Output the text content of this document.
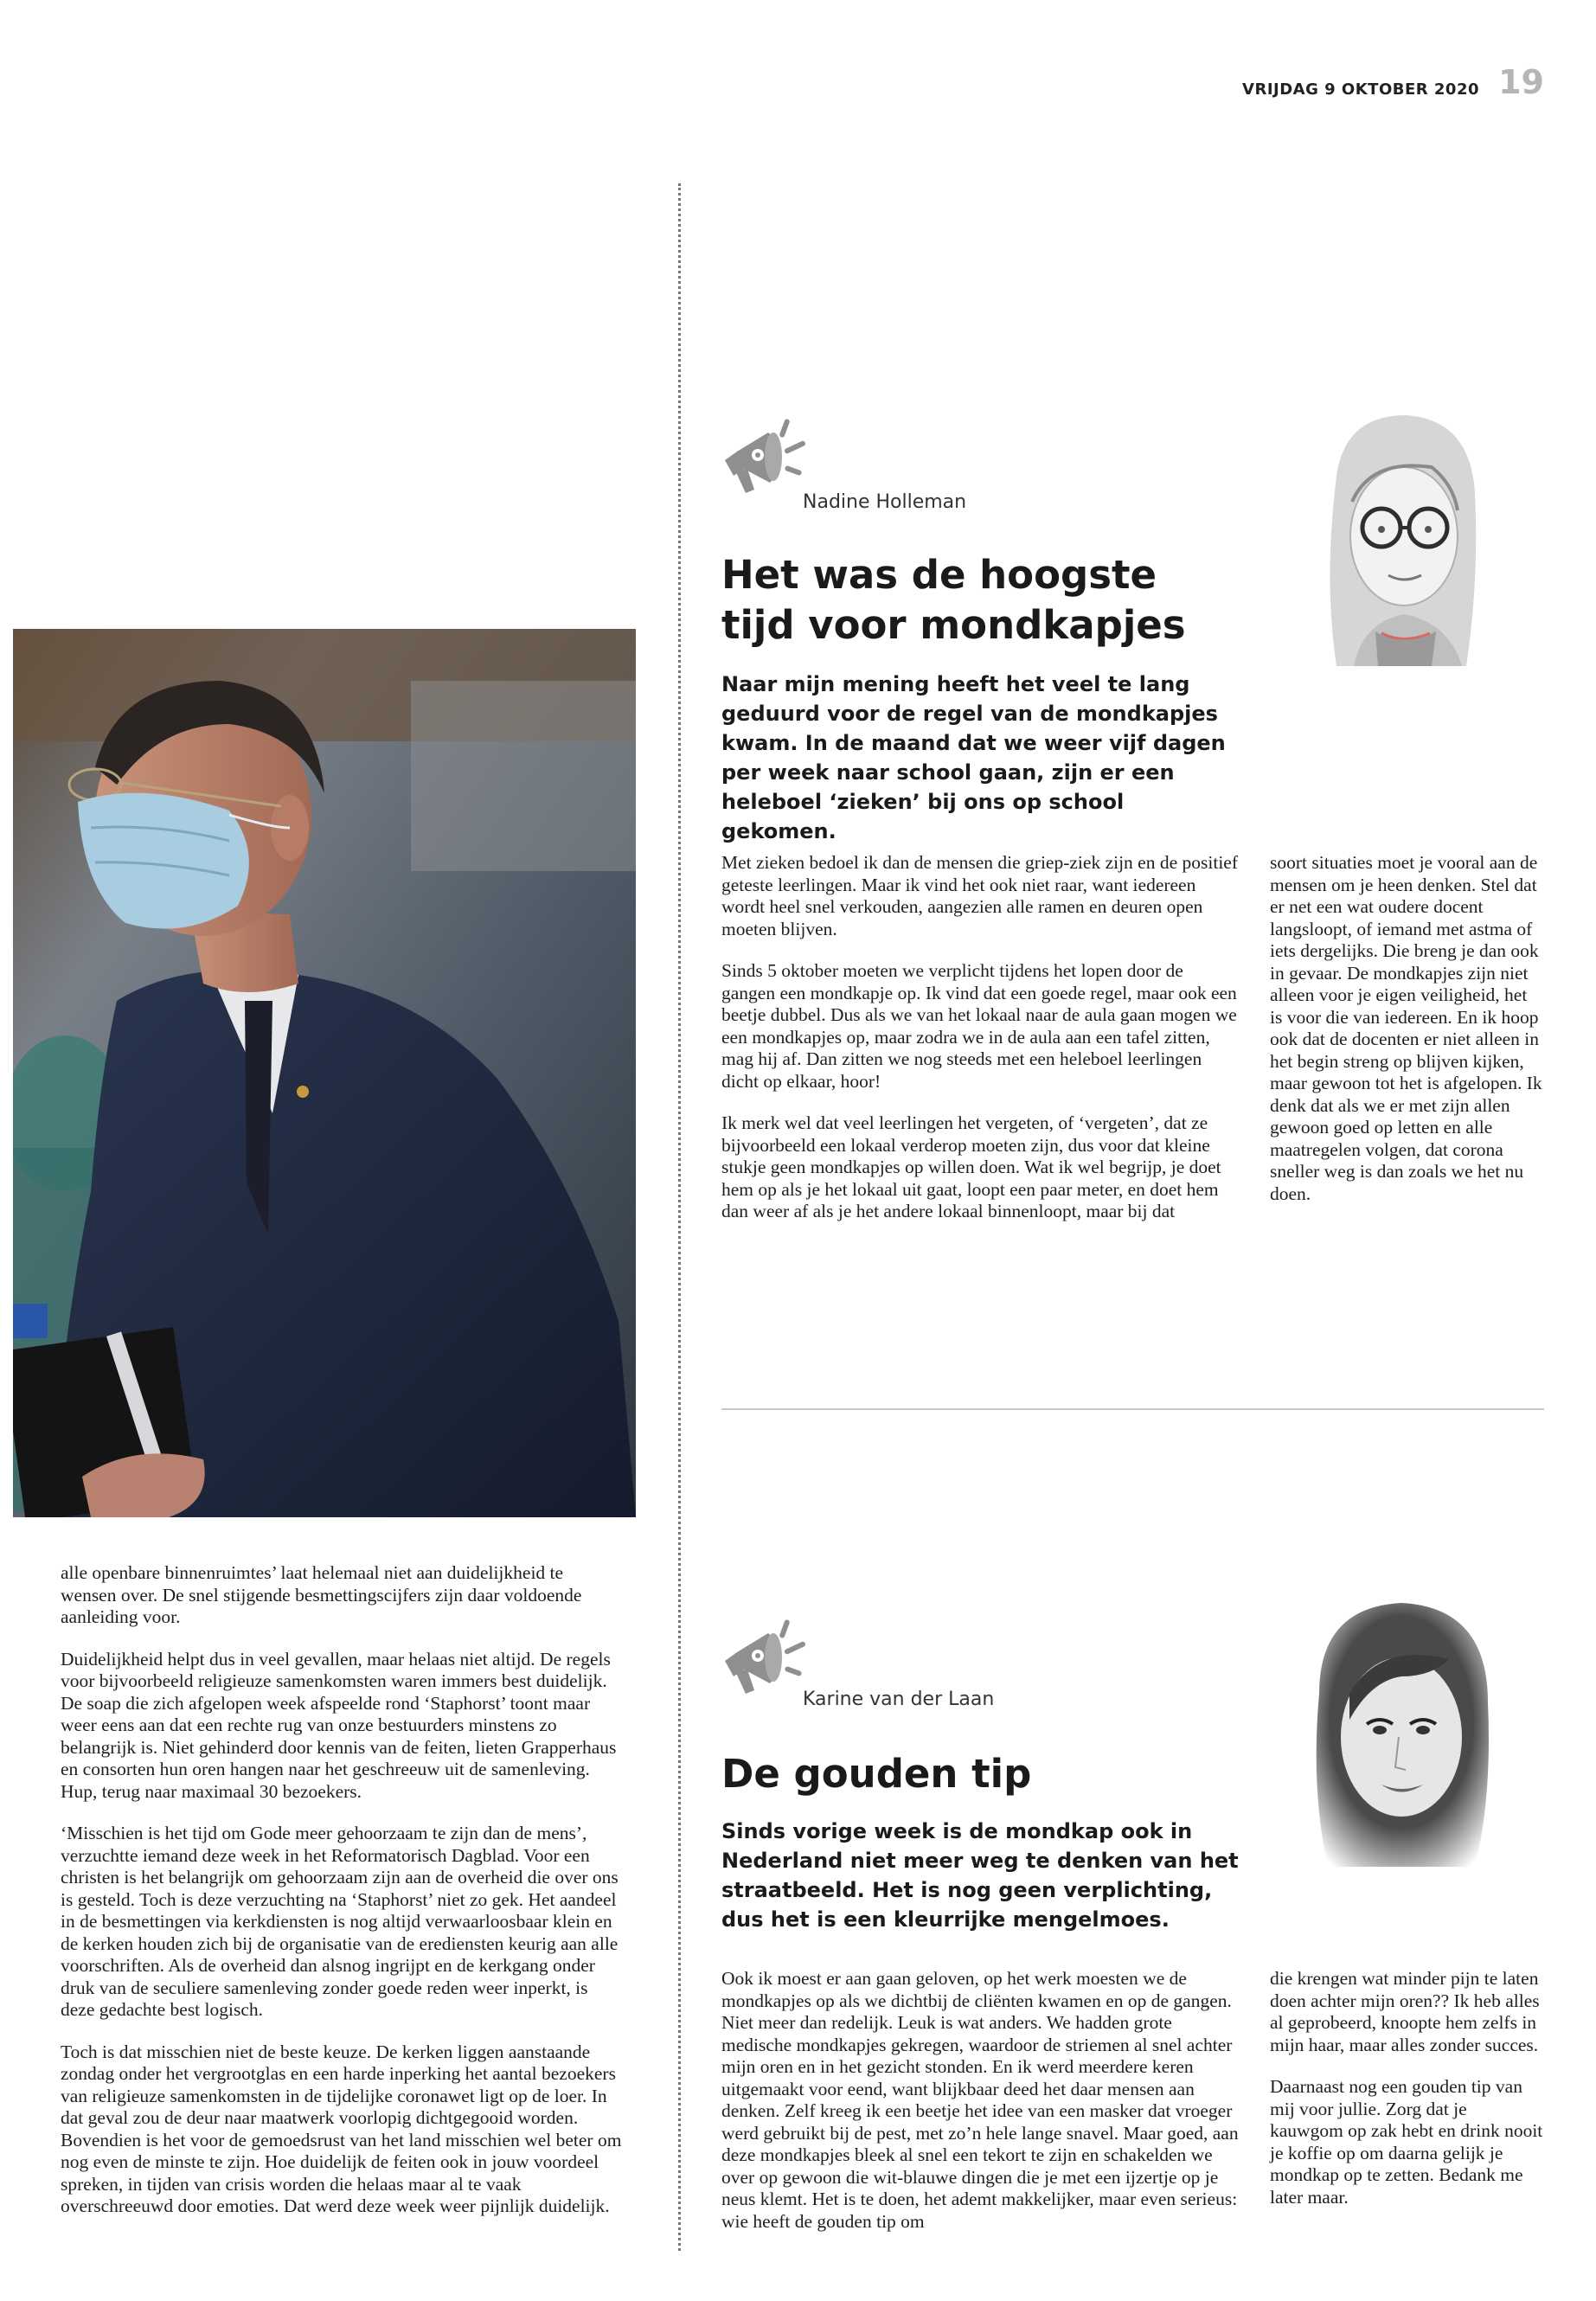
VRIJDAG 9 OKTOBER 2020 19

alle openbare binnenruimtes’ laat helemaal niet aan duidelijkheid te wensen over. De snel stijgende besmettingscijfers zijn daar voldoende aanleiding voor.

Duidelijkheid helpt dus in veel gevallen, maar helaas niet altijd. De regels voor bijvoorbeeld religieuze samenkomsten waren immers best duidelijk. De soap die zich afgelopen week afspeelde rond ‘Staphorst’ toont maar weer eens aan dat een rechte rug van onze bestuurders minstens zo belangrijk is. Niet gehinderd door kennis van de feiten, lieten Grapperhaus en consorten hun oren hangen naar het geschreeuw uit de samenleving. Hup, terug naar maximaal 30 bezoekers.

‘Misschien is het tijd om Gode meer gehoorzaam te zijn dan de mens’, verzuchtte iemand deze week in het Reformatorisch Dagblad. Voor een christen is het belangrijk om gehoorzaam zijn aan de overheid die over ons is gesteld. Toch is deze verzuchting na ‘Staphorst’ niet zo gek. Het aandeel in de besmettingen via kerkdiensten is nog altijd verwaarloosbaar klein en de kerken houden zich bij de organisatie van de erediensten keurig aan alle voorschriften. Als de overheid dan alsnog ingrijpt en de kerkgang onder druk van de seculiere samenleving zonder goede reden weer inperkt, is deze gedachte best logisch.

Toch is dat misschien niet de beste keuze. De kerken liggen aanstaande zondag onder het vergrootglas en een harde inperking het aantal bezoekers van religieuze samenkomsten in de tijdelijke coronawet ligt op de loer. In dat geval zou de deur naar maatwerk voorlopig dichtgegooid worden. Bovendien is het voor de gemoedsrust van het land misschien wel beter om nog even de minste te zijn. Hoe duidelijk de feiten ook in jouw voordeel spreken, in tijden van crisis worden die helaas maar al te vaak overschreeuwd door emoties. Dat werd deze week weer pijnlijk duidelijk.

Nadine Holleman
Het was de hoogste
tijd voor mondkapjes
Naar mijn mening heeft het veel te lang geduurd voor de regel van de mondkapjes kwam. In de maand dat we weer vijf dagen per week naar school gaan, zijn er een heleboel ‘zieken’ bij ons op school gekomen.

Met zieken bedoel ik dan de mensen die griep-ziek zijn en de positief geteste leerlingen. Maar ik vind het ook niet raar, want iedereen wordt heel snel verkouden, aangezien alle ramen en deuren open moeten blijven.

Sinds 5 oktober moeten we verplicht tijdens het lopen door de gangen een mondkapje op. Ik vind dat een goede regel, maar ook een beetje dubbel. Dus als we van het lokaal naar de aula gaan mogen we een mondkapjes op, maar zodra we in de aula aan een tafel zitten, mag hij af. Dan zitten we nog steeds met een heleboel leerlingen dicht op elkaar, hoor!

Ik merk wel dat veel leerlingen het vergeten, of ‘vergeten’, dat ze bijvoorbeeld een lokaal verderop moeten zijn, dus voor dat kleine stukje geen mondkapjes op willen doen. Wat ik wel begrijp, je doet hem op als je het lokaal uit gaat, loopt een paar meter, en doet hem dan weer af als je het andere lokaal binnenloopt, maar bij dat

soort situaties moet je vooral aan de mensen om je heen denken. Stel dat er net een wat oudere docent langsloopt, of iemand met astma of iets dergelijks. Die breng je dan ook in gevaar. De mondkapjes zijn niet alleen voor je eigen veiligheid, het is voor die van iedereen. En ik hoop ook dat de docenten er niet alleen in het begin streng op blijven kijken, maar gewoon tot het is afgelopen. Ik denk dat als we er met zijn allen gewoon goed op letten en alle maatregelen volgen, dat corona sneller weg is dan zoals we het nu doen.

Karine van der Laan
De gouden tip
Sinds vorige week is de mondkap ook in Nederland niet meer weg te denken van het straatbeeld. Het is nog geen verplichting, dus het is een kleurrijke mengelmoes.

Ook ik moest er aan gaan geloven, op het werk moesten we de mondkapjes op als we dichtbij de cliënten kwamen en op de gangen. Niet meer dan redelijk. Leuk is wat anders. We hadden grote medische mondkapjes gekregen, waardoor de striemen al snel achter mijn oren en in het gezicht stonden. En ik werd meerdere keren uitgemaakt voor eend, want blijkbaar deed het daar mensen aan denken. Zelf kreeg ik een beetje het idee van een masker dat vroeger werd gebruikt bij de pest, met zo’n hele lange snavel. Maar goed, aan deze mondkapjes bleek al snel een tekort te zijn en schakelden we over op gewoon die wit-blauwe dingen die je met een ijzertje op je neus klemt. Het is te doen, het ademt makkelijker, maar even serieus: wie heeft de gouden tip om

die krengen wat minder pijn te laten doen achter mijn oren?? Ik heb alles al geprobeerd, knoopte hem zelfs in mijn haar, maar alles zonder succes.

Daarnaast nog een gouden tip van mij voor jullie. Zorg dat je kauwgom op zak hebt en drink nooit je koffie op om daarna gelijk je mondkap op te zetten. Bedank me later maar.
